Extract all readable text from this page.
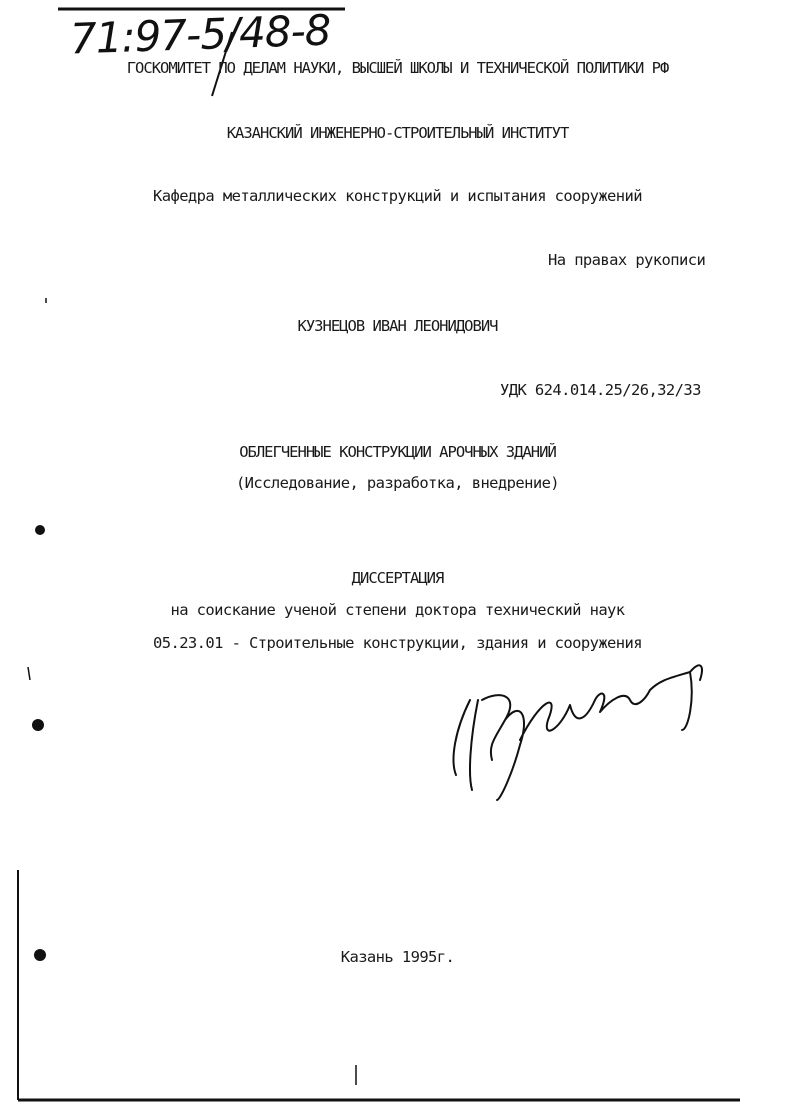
71:97-5/48-8
ГОСКОМИТЕТ ПО ДЕЛАМ НАУКИ, ВЫСШЕЙ ШКОЛЫ И ТЕХНИЧЕСКОЙ ПОЛИТИКИ РФ
КАЗАНСКИЙ ИНЖЕНЕРНО-СТРОИТЕЛЬНЫЙ ИНСТИТУТ
Кафедра металлических конструкций и испытания сооружений
На правах рукописи
КУЗНЕЦОВ ИВАН ЛЕОНИДОВИЧ
УДК 624.014.25/26,32/33
ОБЛЕГЧЕННЫЕ КОНСТРУКЦИИ АРОЧНЫХ ЗДАНИЙ
(Исследование, разработка, внедрение)
ДИССЕРТАЦИЯ
на соискание ученой степени доктора технический наук
05.23.01 - Строительные конструкции, здания и сооружения
Казань 1995г.
